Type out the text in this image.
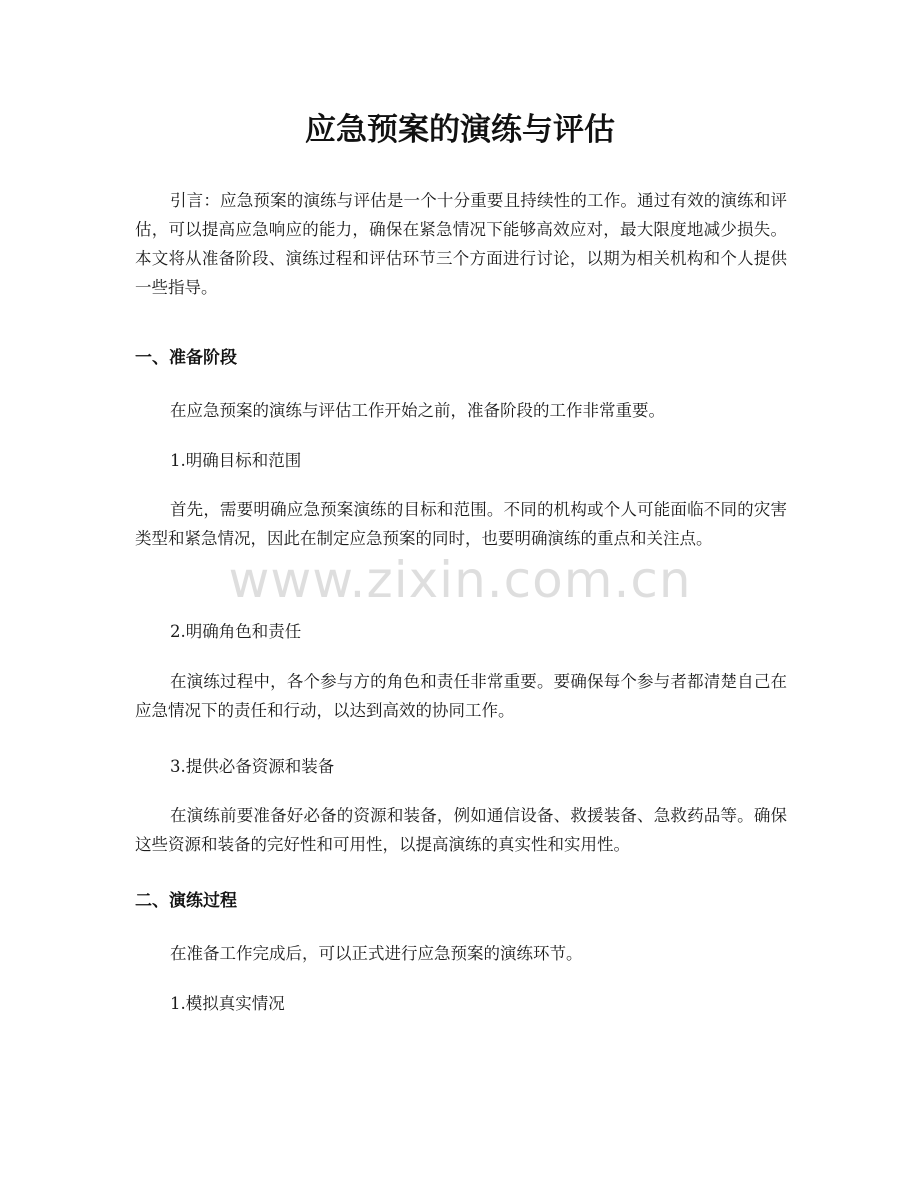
应急预案的演练与评估

引言：应急预案的演练与评估是一个十分重要且持续性的工作。通过有效的演练和评估，可以提高应急响应的能力，确保在紧急情况下能够高效应对，最大限度地减少损失。本文将从准备阶段、演练过程和评估环节三个方面进行讨论，以期为相关机构和个人提供一些指导。

一、准备阶段

在应急预案的演练与评估工作开始之前，准备阶段的工作非常重要。

1.明确目标和范围

首先，需要明确应急预案演练的目标和范围。不同的机构或个人可能面临不同的灾害类型和紧急情况，因此在制定应急预案的同时，也要明确演练的重点和关注点。

2.明确角色和责任

在演练过程中，各个参与方的角色和责任非常重要。要确保每个参与者都清楚自己在应急情况下的责任和行动，以达到高效的协同工作。

3.提供必备资源和装备

在演练前要准备好必备的资源和装备，例如通信设备、救援装备、急救药品等。确保这些资源和装备的完好性和可用性，以提高演练的真实性和实用性。

二、演练过程

在准备工作完成后，可以正式进行应急预案的演练环节。

1.模拟真实情况

www.zixin.com.cn
